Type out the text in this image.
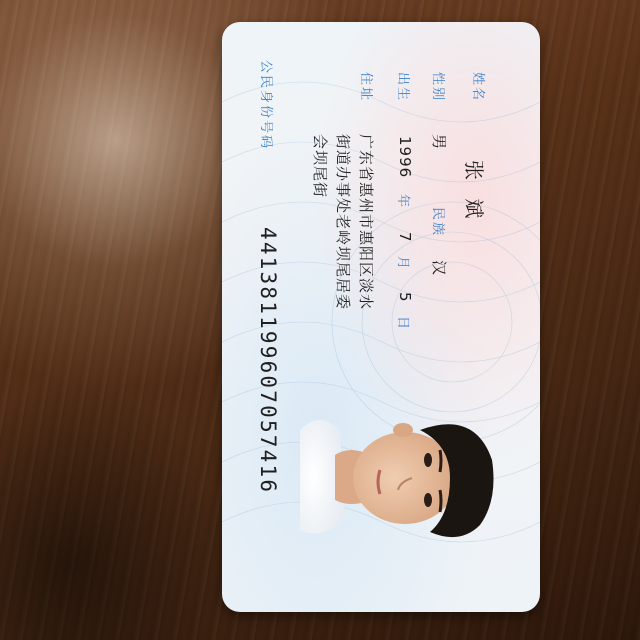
姓名
张 斌
性别
男
民族
汉
出生
1996
年
7
月
5
日
住址
广东省惠州市惠阳区淡水
街道办事处老岭坝尾居委
会坝尾街
公民身份号码
441381199607057416
